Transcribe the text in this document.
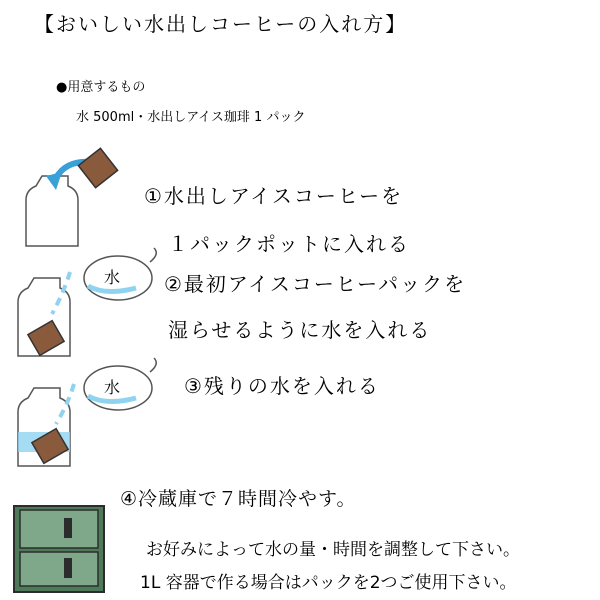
【おいしい水出しコーヒーの入れ方】
●用意するもの
水 500ml・水出しアイス珈琲 1 パック
①水出しアイスコーヒーを
１パックポットに入れる
②最初アイスコーヒーパックを
湿らせるように水を入れる
③残りの水を入れる
④冷蔵庫で７時間冷やす。
お好みによって水の量・時間を調整して下さい。
1L 容器で作る場合はパックを2つご使用下さい。
水
水
